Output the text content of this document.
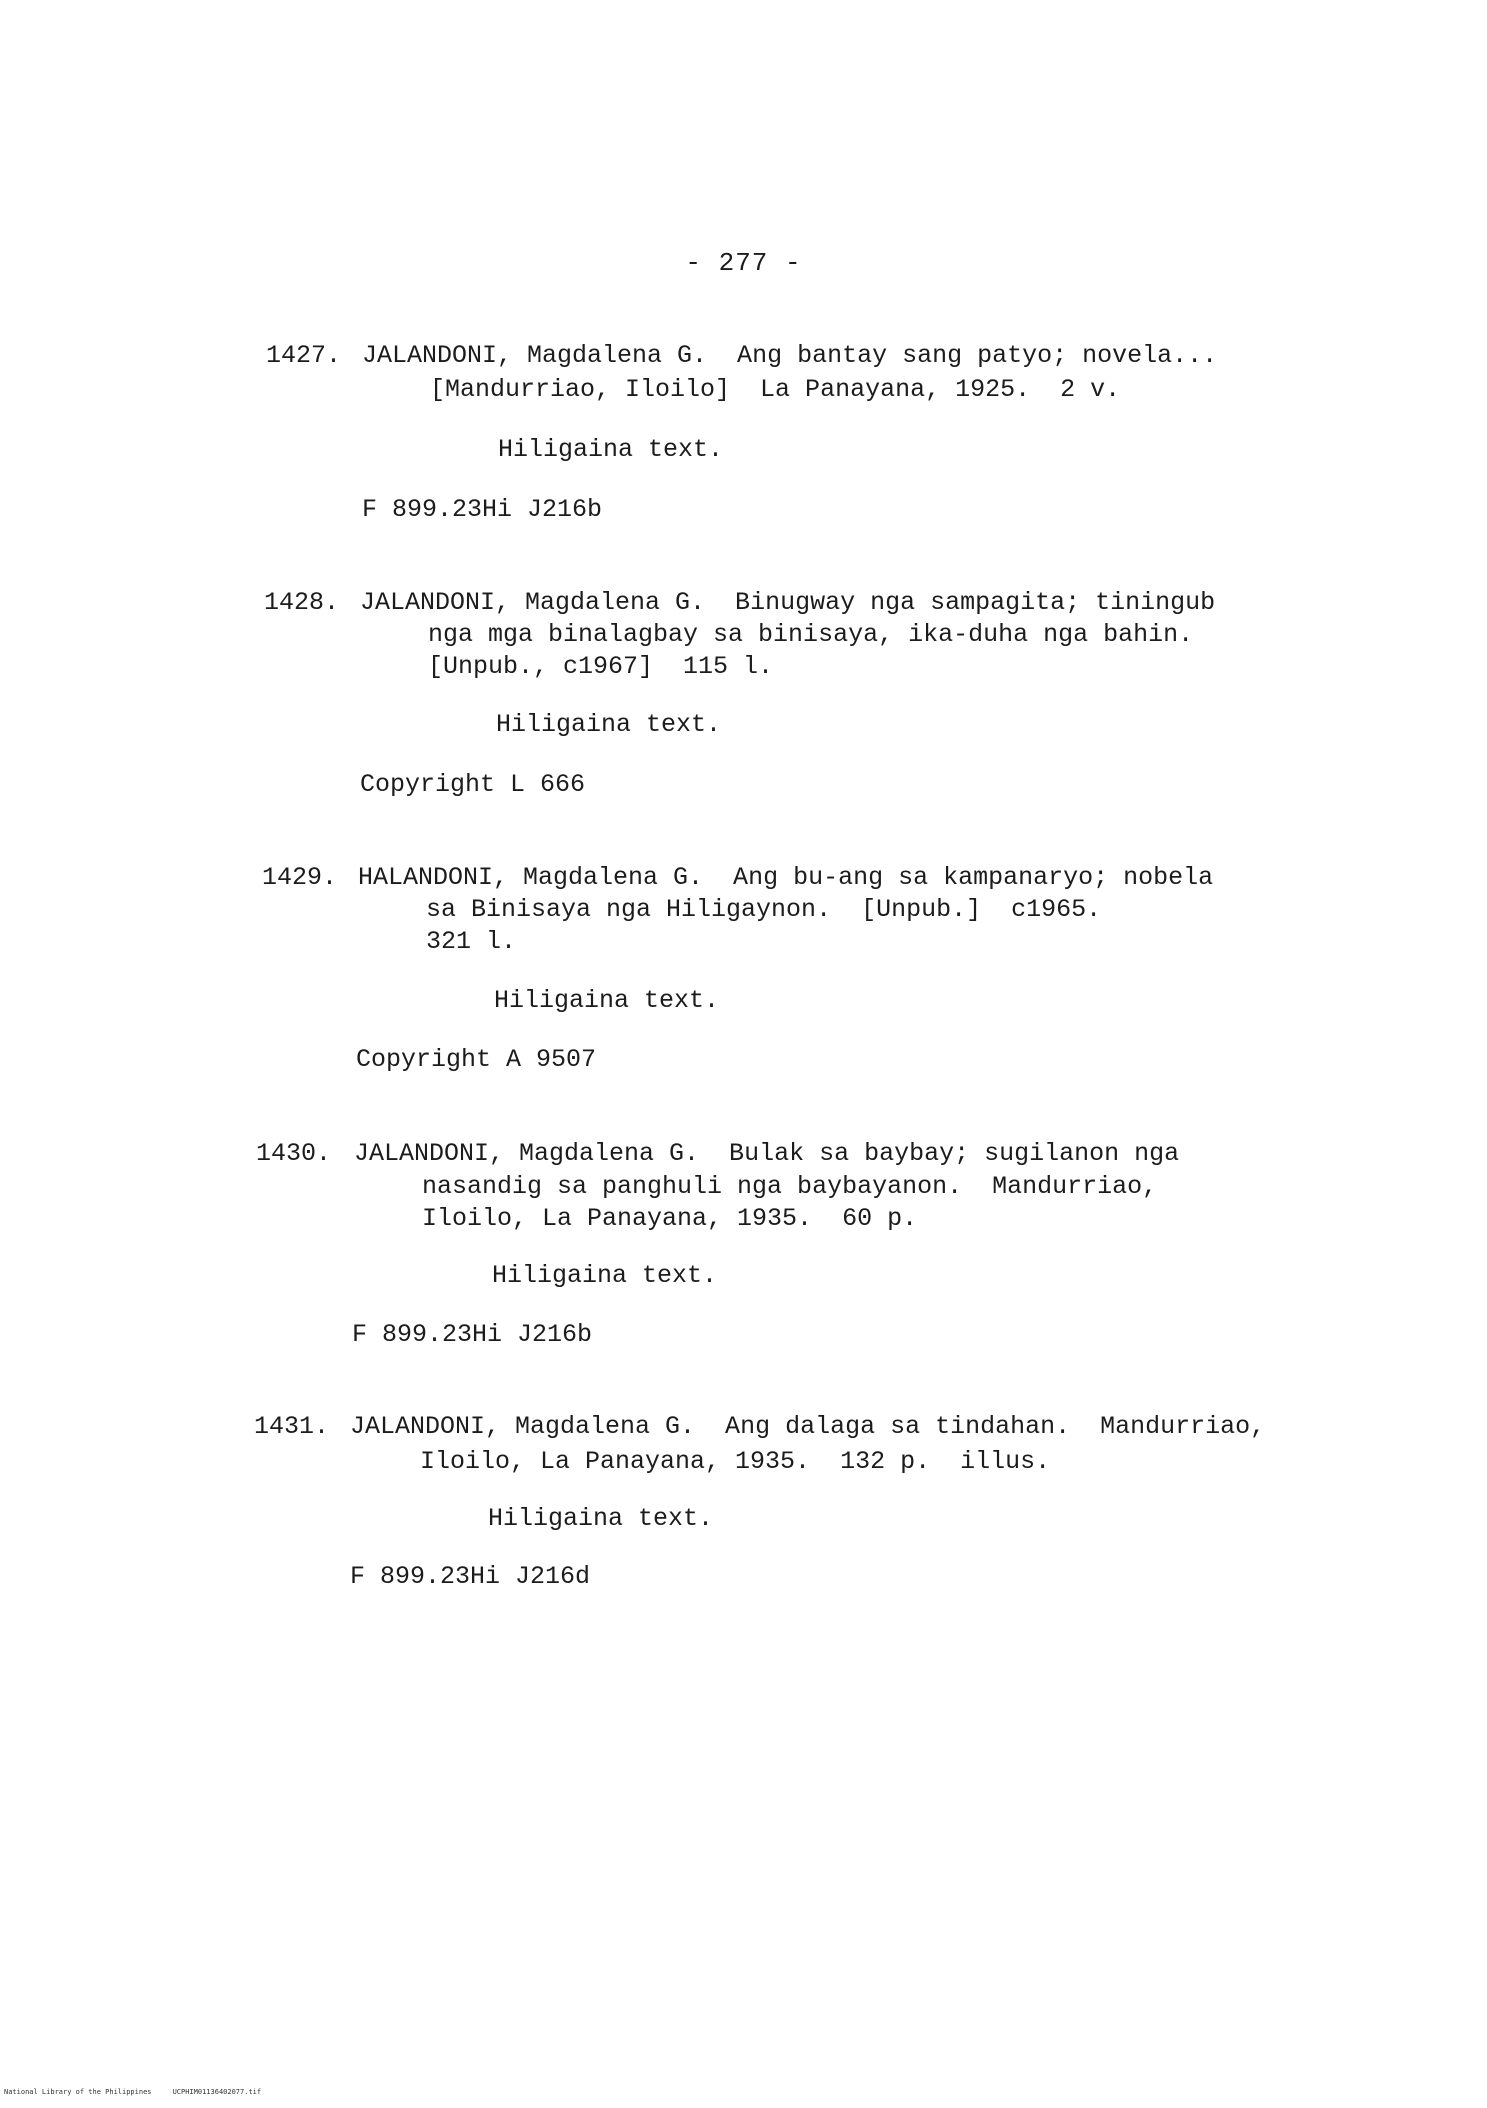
- 277 -
1427. JALANDONI, Magdalena G.  Ang bantay sang patyo; novela...
[Mandurriao, Iloilo]  La Panayana, 1925.  2 v.
Hiligaina text.
F 899.23Hi J216b
1428. JALANDONI, Magdalena G.  Binugway nga sampagita; tiningub
nga mga binalagbay sa binisaya, ika-duha nga bahin.
[Unpub., c1967]  115 l.
Hiligaina text.
Copyright L 666
1429. HALANDONI, Magdalena G.  Ang bu-ang sa kampanaryo; nobela
sa Binisaya nga Hiligaynon.  [Unpub.]  c1965.
321 l.
Hiligaina text.
Copyright A 9507
1430. JALANDONI, Magdalena G.  Bulak sa baybay; sugilanon nga
nasandig sa panghuli nga baybayanon.  Mandurriao,
Iloilo, La Panayana, 1935.  60 p.
Hiligaina text.
F 899.23Hi J216b
1431. JALANDONI, Magdalena G.  Ang dalaga sa tindahan.  Mandurriao,
Iloilo, La Panayana, 1935.  132 p.  illus.
Hiligaina text.
F 899.23Hi J216d
National Library of the Philippines	UCPHIM01136402077.tif
